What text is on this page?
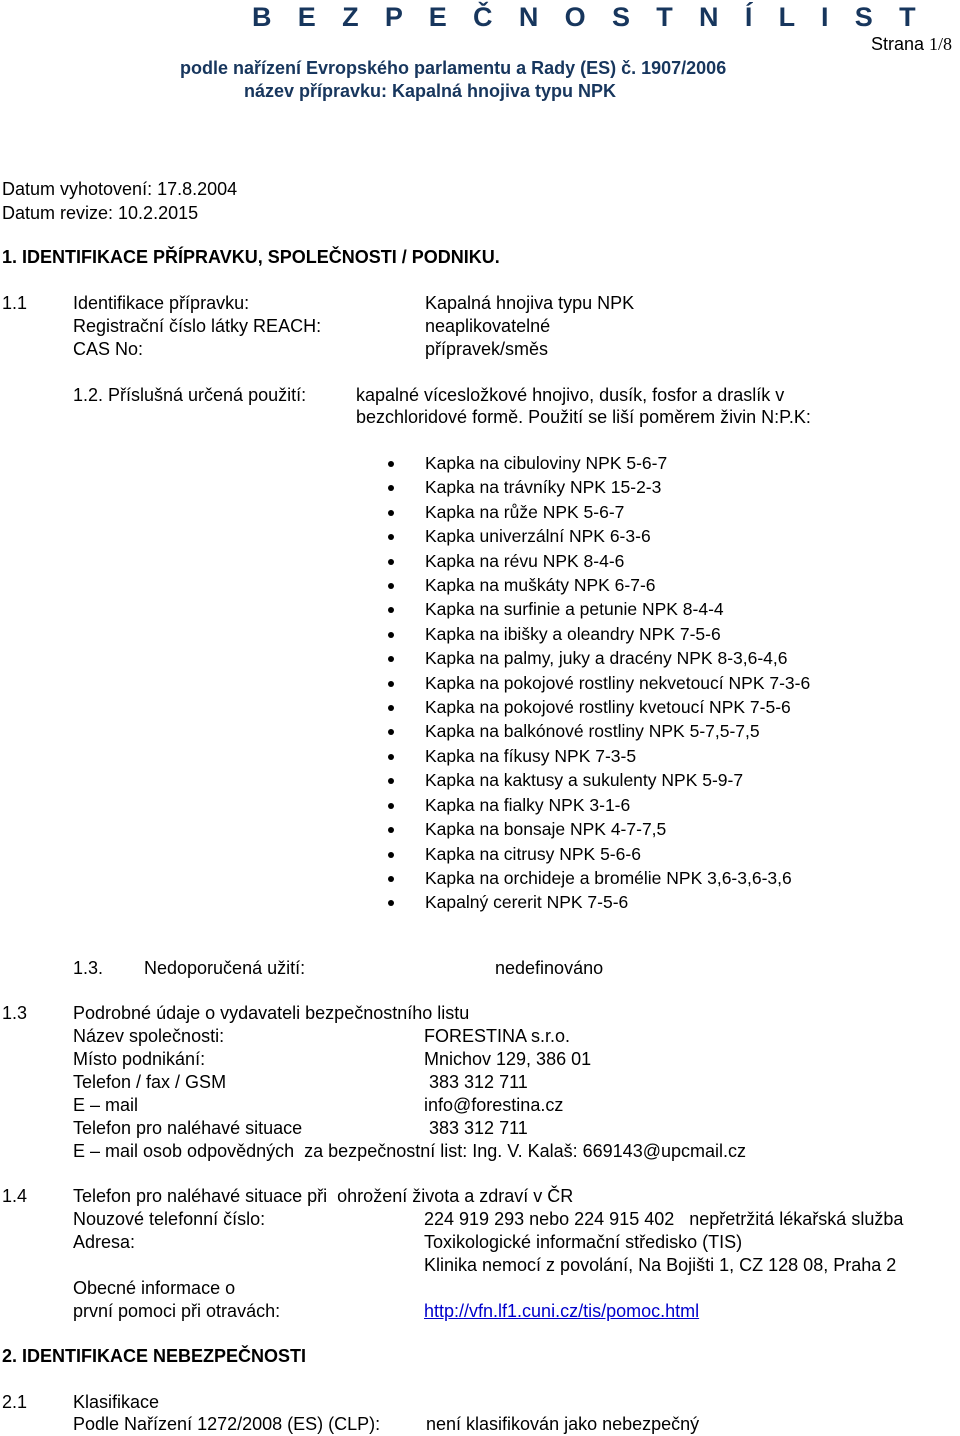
B E Z P E Č N O S T N Í L I S T
podle nařízení Evropského parlamentu a Rady (ES) č. 1907/2006
název přípravku: Kapalná hnojiva typu NPK
Strana 1/8
Datum vyhotovení: 17.8.2004
Datum revize: 10.2.2015
1. IDENTIFIKACE PŘÍPRAVKU, SPOLEČNOSTI / PODNIKU.
1.1	Identifikace přípravku:	Kapalná hnojiva typu NPK
Registrační číslo látky REACH:	neaplikovatelné
CAS No:	přípravek/směs
1.2. Příslušná určená použití:	kapalné vícesložkové hnojivo, dusík, fosfor a draslík v
bezchloridové formě. Použití se liší poměrem živin N:P.K:
Kapka na cibuloviny NPK 5-6-7
Kapka na trávníky NPK 15-2-3
Kapka na růže NPK 5-6-7
Kapka univerzální NPK 6-3-6
Kapka na révu NPK 8-4-6
Kapka na muškáty NPK 6-7-6
Kapka na surfinie a petunie NPK 8-4-4
Kapka na ibišky a oleandry NPK 7-5-6
Kapka na palmy, juky a dracény NPK 8-3,6-4,6
Kapka na pokojové rostliny nekvetoucí NPK 7-3-6
Kapka na pokojové rostliny kvetoucí NPK 7-5-6
Kapka na balkónové rostliny NPK 5-7,5-7,5
Kapka na fíkusy NPK 7-3-5
Kapka na kaktusy a sukulenty NPK 5-9-7
Kapka na fialky NPK 3-1-6
Kapka na bonsaje NPK 4-7-7,5
Kapka na citrusy NPK 5-6-6
Kapka na orchideje a bromélie NPK 3,6-3,6-3,6
Kapalný cererit NPK 7-5-6
1.3. Nedoporučená užití:	nedefinováno
1.3	Podrobné údaje o vydavateli bezpečnostního listu
Název společnosti:	FORESTINA s.r.o.
Místo podnikání:	Mnichov 129, 386 01
Telefon / fax / GSM	383 312 711
E – mail	info@forestina.cz
Telefon pro naléhavé situace	383 312 711
E – mail osob odpovědných  za bezpečnostní list: Ing. V. Kalaš: 669143@upcmail.cz
1.4	Telefon pro naléhavé situace při  ohrožení života a zdraví v ČR
Nouzové telefonní číslo:	224 919 293 nebo 224 915 402   nepřetržitá lékařská služba
Adresa:	Toxikologické informační středisko (TIS)
Klinika nemocí z povolání, Na Bojišti 1, CZ 128 08, Praha 2
Obecné informace o
první pomoci při otravách:	http://vfn.lf1.cuni.cz/tis/pomoc.html
2. IDENTIFIKACE NEBEZPEČNOSTI
2.1	Klasifikace
Podle Nařízení 1272/2008 (ES) (CLP):	není klasifikován jako nebezpečný
